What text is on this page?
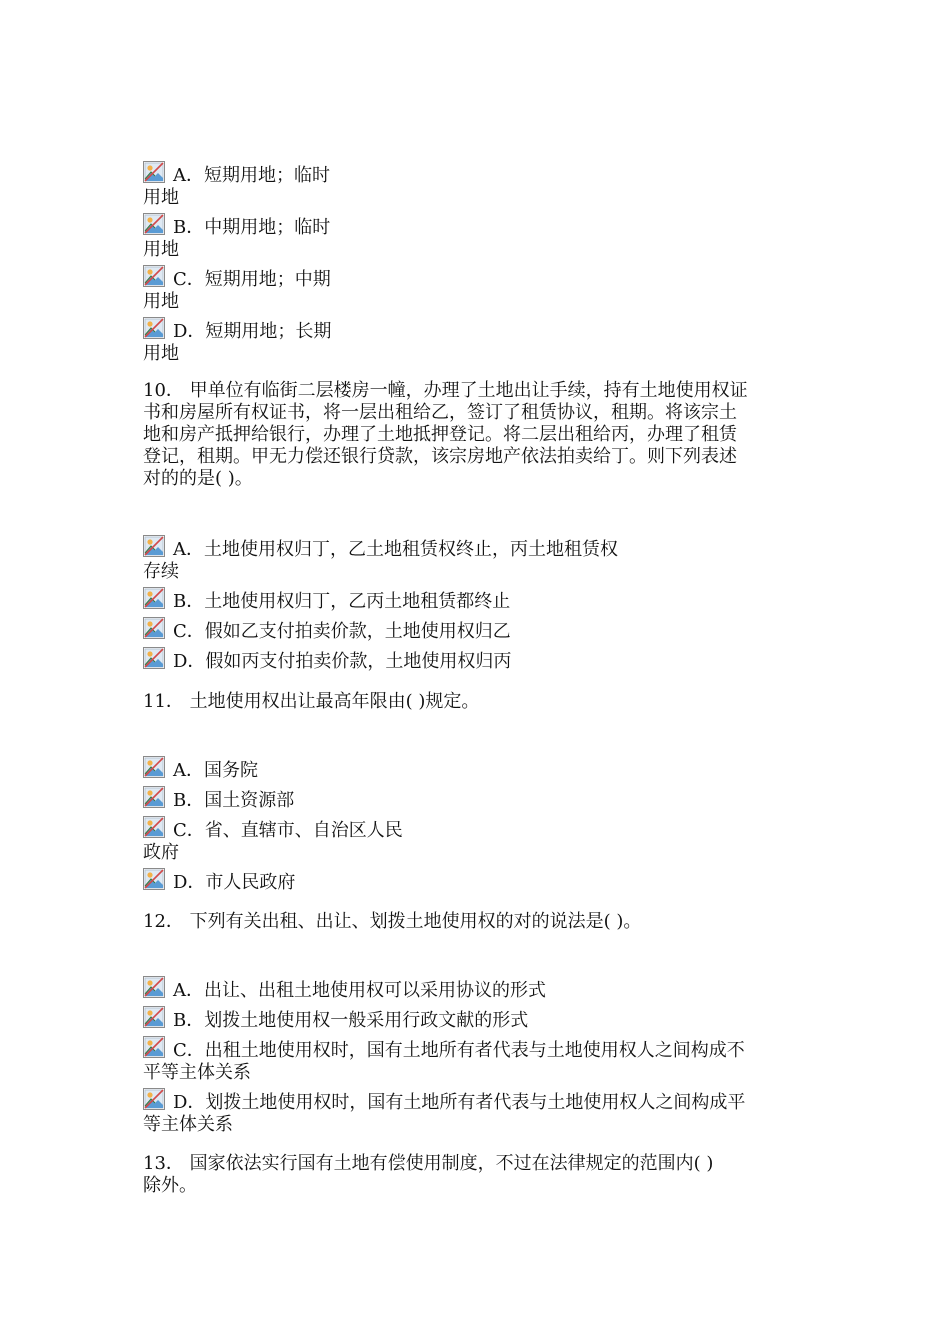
A．短期用地；临时
用地
B．中期用地；临时
用地
C．短期用地；中期
用地
D．短期用地；长期
用地
10． 甲单位有临街二层楼房一幢，办理了土地出让手续，持有土地使用权证
书和房屋所有权证书，将一层出租给乙，签订了租赁协议，租期。将该宗土
地和房产抵押给银行，办理了土地抵押登记。将二层出租给丙，办理了租赁
登记，租期。甲无力偿还银行贷款，该宗房地产依法拍卖给丁。则下列表述
对的的是( )。
A．土地使用权归丁，乙土地租赁权终止，丙土地租赁权
存续
B．土地使用权归丁，乙丙土地租赁都终止
C．假如乙支付拍卖价款，土地使用权归乙
D．假如丙支付拍卖价款，土地使用权归丙
11． 土地使用权出让最高年限由( )规定。
A．国务院
B．国土资源部
C．省、直辖市、自治区人民
政府
D．市人民政府
12． 下列有关出租、出让、划拨土地使用权的对的说法是( )。
A．出让、出租土地使用权可以采用协议的形式
B．划拨土地使用权一般采用行政文献的形式
C．出租土地使用权时，国有土地所有者代表与土地使用权人之间构成不
平等主体关系
D．划拨土地使用权时，国有土地所有者代表与土地使用权人之间构成平
等主体关系
13． 国家依法实行国有土地有偿使用制度，不过在法律规定的范围内( )
除外。
